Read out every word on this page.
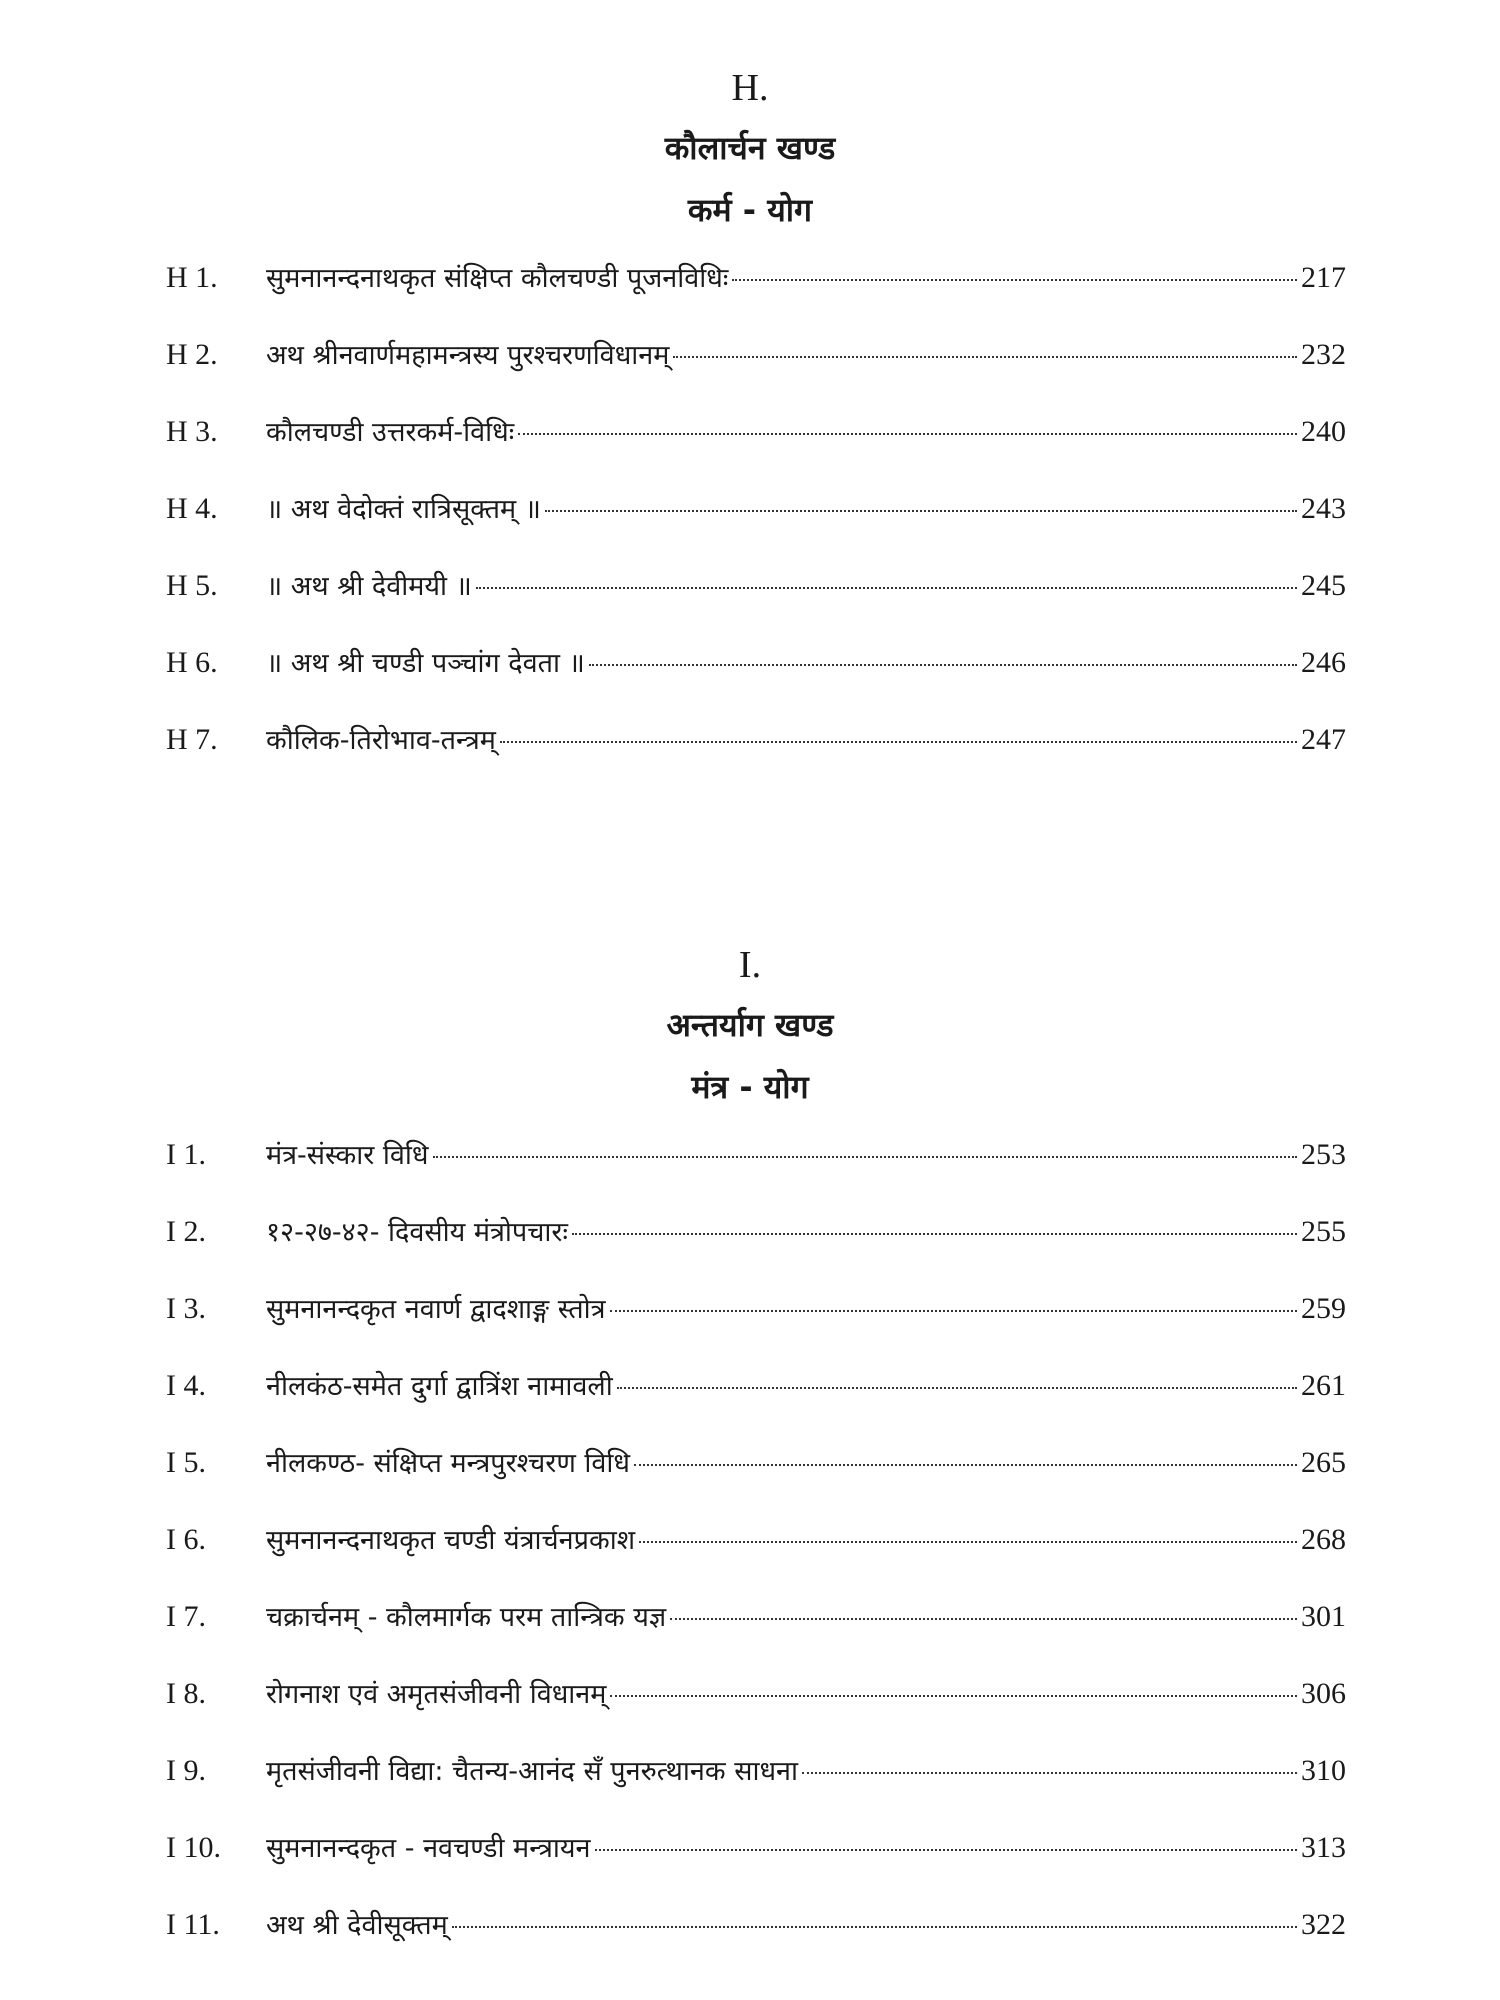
H.
कौलार्चन खण्ड
कर्म - योग
H 1.	सुमनानन्दनाथकृत संक्षिप्त कौलचण्डी पूजनविधिः	217
H 2.	अथ श्रीनवार्णमहामन्त्रस्य पुरश्चरणविधानम्	232
H 3.	कौलचण्डी उत्तरकर्म-विधिः	240
H 4.	॥ अथ वेदोक्तं रात्रिसूक्तम् ॥	243
H 5.	॥ अथ श्री देवीमयी ॥	245
H 6.	॥ अथ श्री चण्डी पञ्चांग देवता ॥	246
H 7.	कौलिक-तिरोभाव-तन्त्रम्	247
I.
अन्तर्याग खण्ड
मंत्र - योग
I 1.	मंत्र-संस्कार विधि	253
I 2.	१२-२७-४२- दिवसीय मंत्रोपचारः	255
I 3.	सुमनानन्दकृत नवार्ण द्वादशाङ्ग स्तोत्र	259
I 4.	नीलकंठ-समेत दुर्गा द्वात्रिंश नामावली	261
I 5.	नीलकण्ठ- संक्षिप्त मन्त्रपुरश्चरण विधि	265
I 6.	सुमनानन्दनाथकृत चण्डी यंत्रार्चनप्रकाश	268
I 7.	चक्रार्चनम् - कौलमार्गक परम तान्त्रिक यज्ञ	301
I 8.	रोगनाश एवं अमृतसंजीवनी विधानम्	306
I 9.	मृतसंजीवनी विद्या: चैतन्य-आनंद सँ पुनरुत्थानक साधना	310
I 10.	सुमनानन्दकृत - नवचण्डी मन्त्रायन	313
I 11.	अथ श्री देवीसूक्तम्	322
